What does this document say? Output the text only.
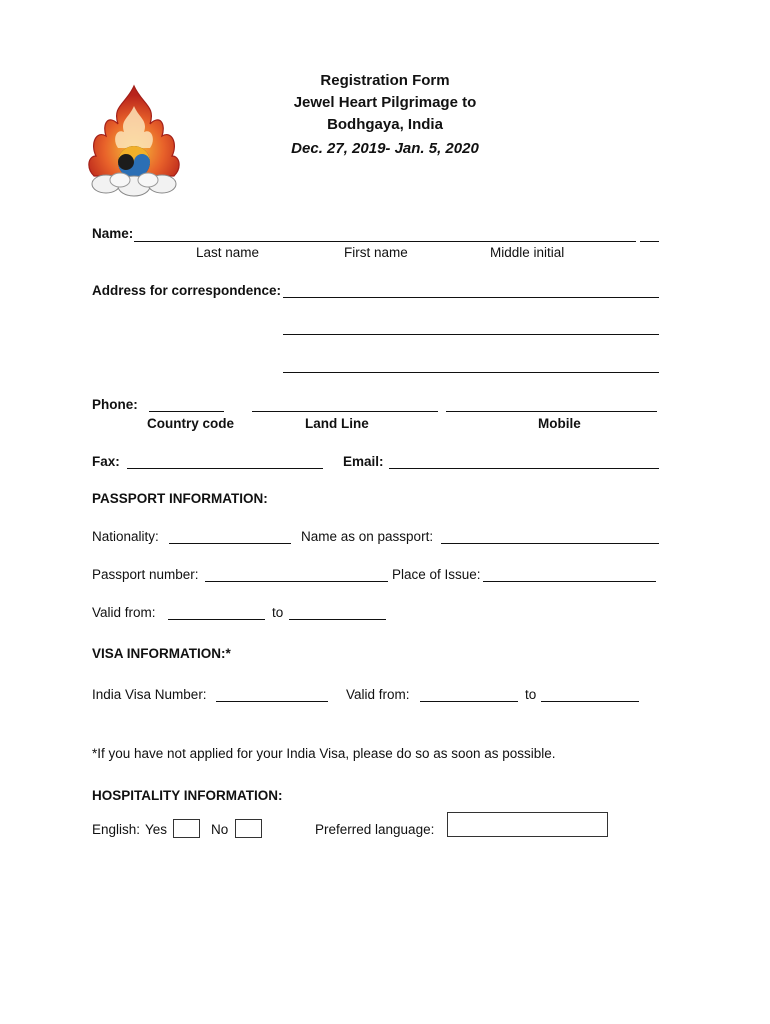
Registration Form
Jewel Heart Pilgrimage to
Bodhgaya, India
Dec. 27, 2019- Jan. 5, 2020
Name:
Last name	First name	Middle initial
Address for correspondence:
Phone:
Country code	Land Line	Mobile
Fax:	Email:
PASSPORT INFORMATION:
Nationality:	Name as on passport:
Passport number:	Place of Issue:
Valid from:	to
VISA INFORMATION:*
India Visa Number:	Valid from:	to
*If you have not applied for your India Visa, please do so as soon as possible.
HOSPITALITY INFORMATION:
English: Yes	No	Preferred language:
